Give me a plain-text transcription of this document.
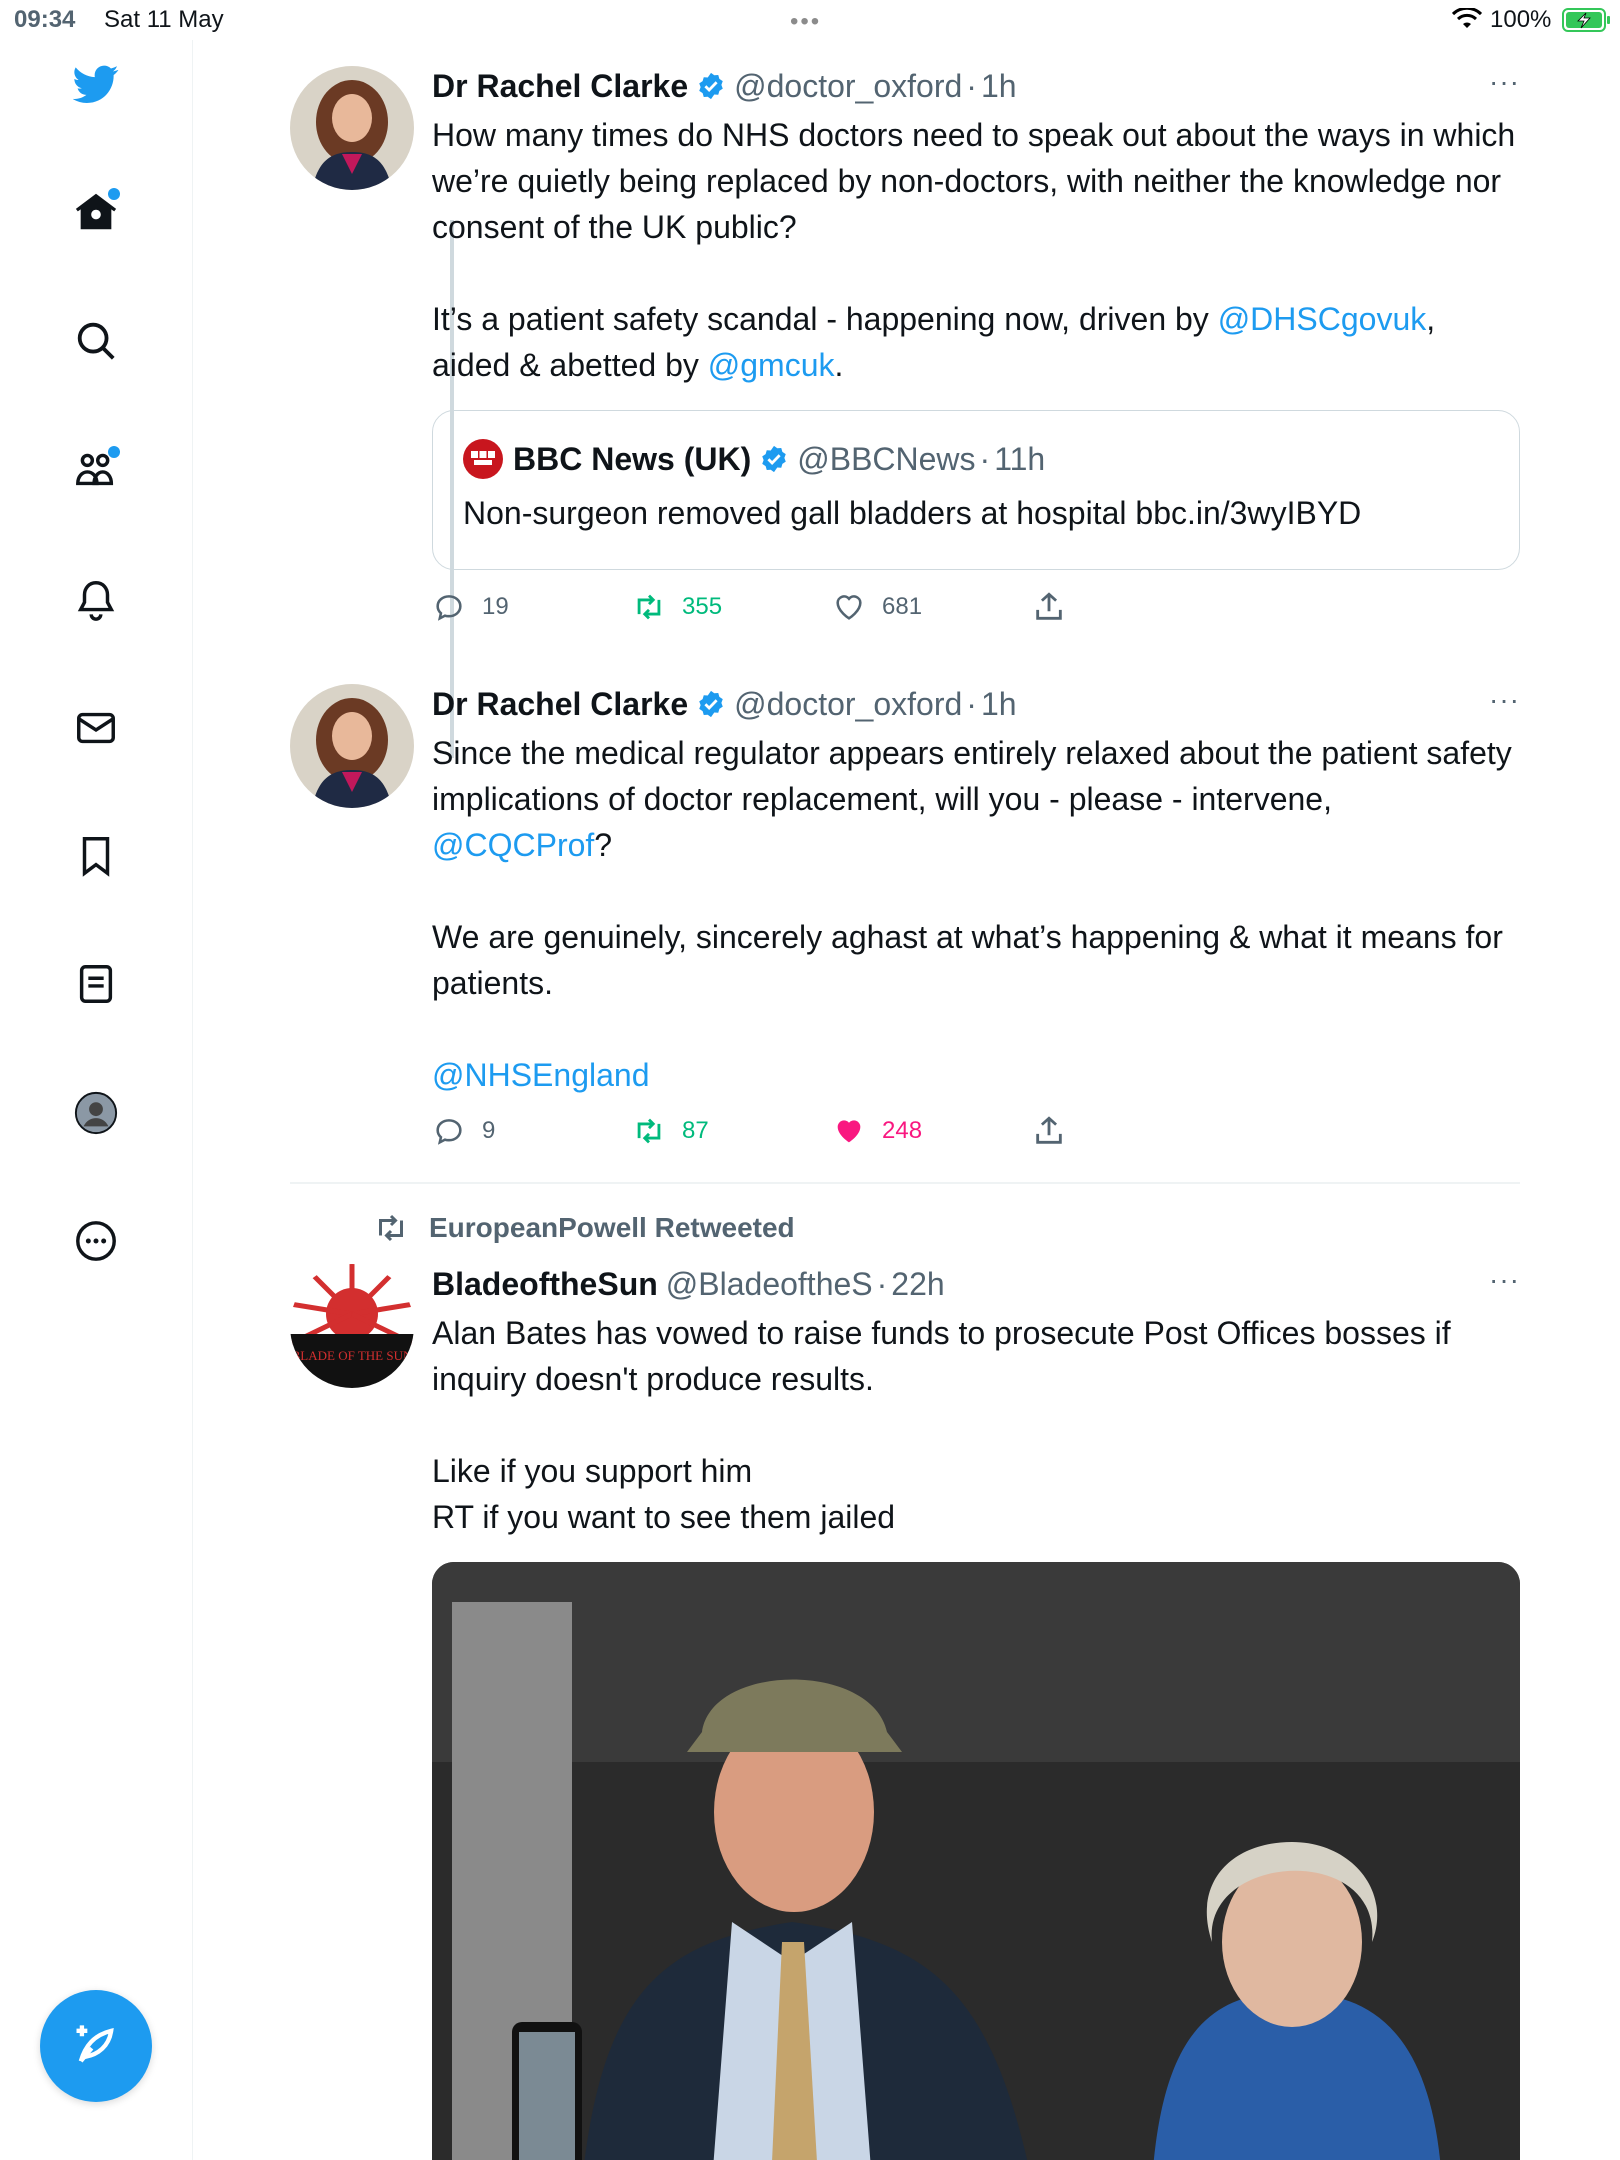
09:34 Sat 11 May	•••	100%
Dr Rachel Clarke @doctor_oxford · 1h	···
How many times do NHS doctors need to speak out about the ways in which we’re quietly being replaced by non-doctors, with neither the knowledge nor consent of the UK public?

It’s a patient safety scandal - happening now, driven by @DHSCgovuk,
aided & abetted by @gmcuk.
BBC News (UK) @BBCNews · 11h
Non-surgeon removed gall bladders at hospital bbc.in/3wyIBYD
19	355	681
Dr Rachel Clarke @doctor_oxford · 1h	···
Since the medical regulator appears entirely relaxed about the patient safety implications of doctor replacement, will you - please - intervene,
@CQCProf?

We are genuinely, sincerely aghast at what’s happening & what it means for patients.

@NHSEngland
9	87	248
EuropeanPowell Retweeted
BLADE OF THE SUN
BladeoftheSun @BladeoftheS · 22h	···
Alan Bates has vowed to raise funds to prosecute Post Offices bosses if inquiry doesn't produce results.

Like if you support him
RT if you want to see them jailed
